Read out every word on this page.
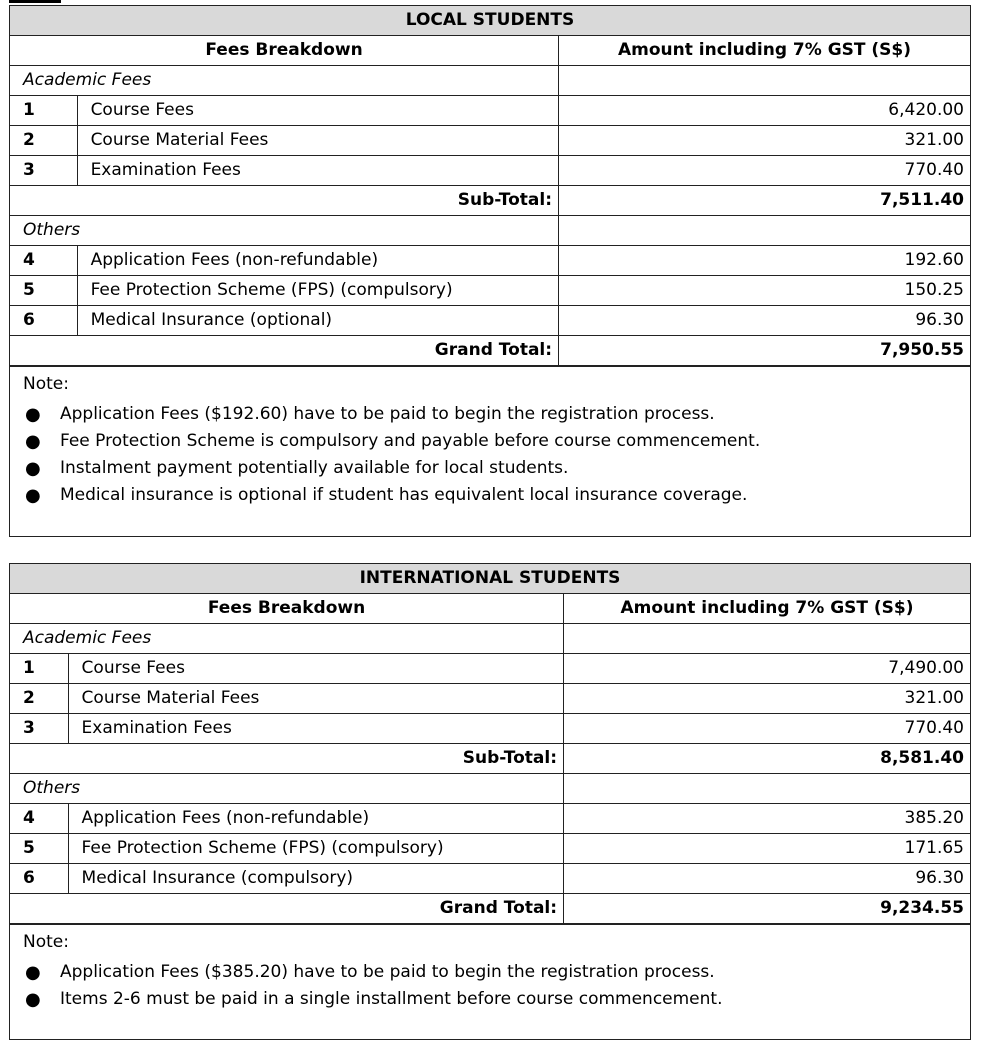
LOCAL STUDENTS		
Fees Breakdown		Amount including 7% GST (S$)
Academic Fees		
1	Course Fees	6,420.00
2	Course Material Fees	321.00
3	Examination Fees	770.40
Sub-Total:		7,511.40
Others		
4	Application Fees (non-refundable)	192.60
5	Fee Protection Scheme (FPS) (compulsory)	150.25
6	Medical Insurance (optional)	96.30
Grand Total:		7,950.55
Note:
● Application Fees ($192.60) have to be paid to begin the registration process.
● Fee Protection Scheme is compulsory and payable before course commencement.
● Instalment payment potentially available for local students.
● Medical insurance is optional if student has equivalent local insurance coverage.
INTERNATIONAL STUDENTS		
Fees Breakdown		Amount including 7% GST (S$)
Academic Fees		
1	Course Fees	7,490.00
2	Course Material Fees	321.00
3	Examination Fees	770.40
Sub-Total:		8,581.40
Others		
4	Application Fees (non-refundable)	385.20
5	Fee Protection Scheme (FPS) (compulsory)	171.65
6	Medical Insurance (compulsory)	96.30
Grand Total:		9,234.55
Note:
● Application Fees ($385.20) have to be paid to begin the registration process.
● Items 2-6 must be paid in a single installment before course commencement.
